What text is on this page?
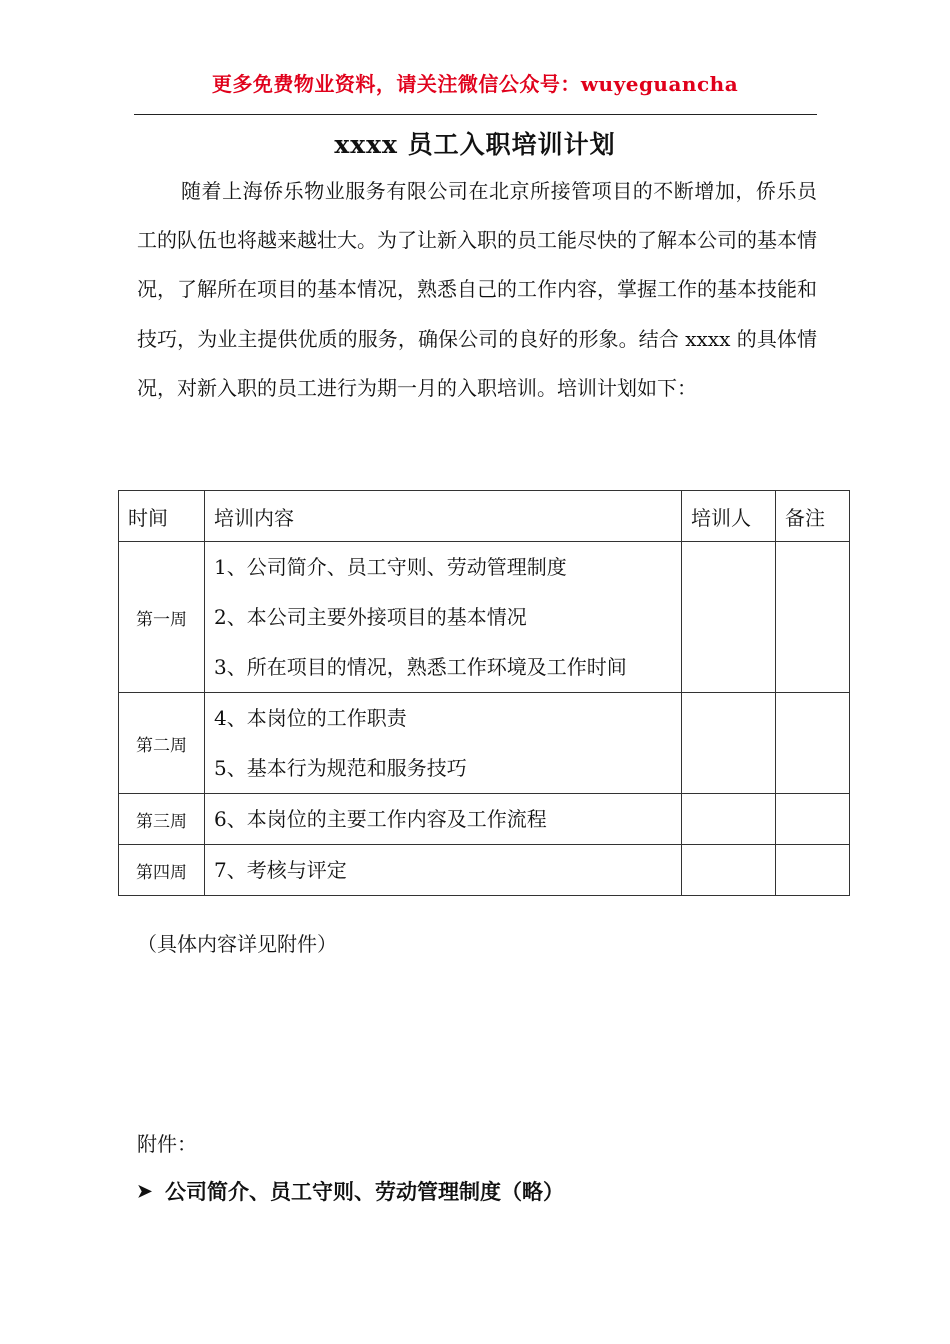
更多免费物业资料，请关注微信公众号：wuyeguancha
xxxx 员工入职培训计划

随着上海侨乐物业服务有限公司在北京所接管项目的不断增加，侨乐员工的队伍也将越来越壮大。为了让新入职的员工能尽快的了解本公司的基本情况，了解所在项目的基本情况，熟悉自己的工作内容，掌握工作的基本技能和技巧，为业主提供优质的服务，确保公司的良好的形象。结合 xxxx 的具体情况，对新入职的员工进行为期一月的入职培训。培训计划如下：

时间	培训内容	培训人	备注
第一周	1、公司简介、员工守则、劳动管理制度
2、本公司主要外接项目的基本情况
3、所在项目的情况，熟悉工作环境及工作时间		

第二周	4、本岗位的工作职责
5、基本行为规范和服务技巧		

第三周	6、本岗位的主要工作内容及工作流程		

第四周	7、考核与评定		

（具体内容详见附件）
附件：
➤ 公司简介、员工守则、劳动管理制度（略）
